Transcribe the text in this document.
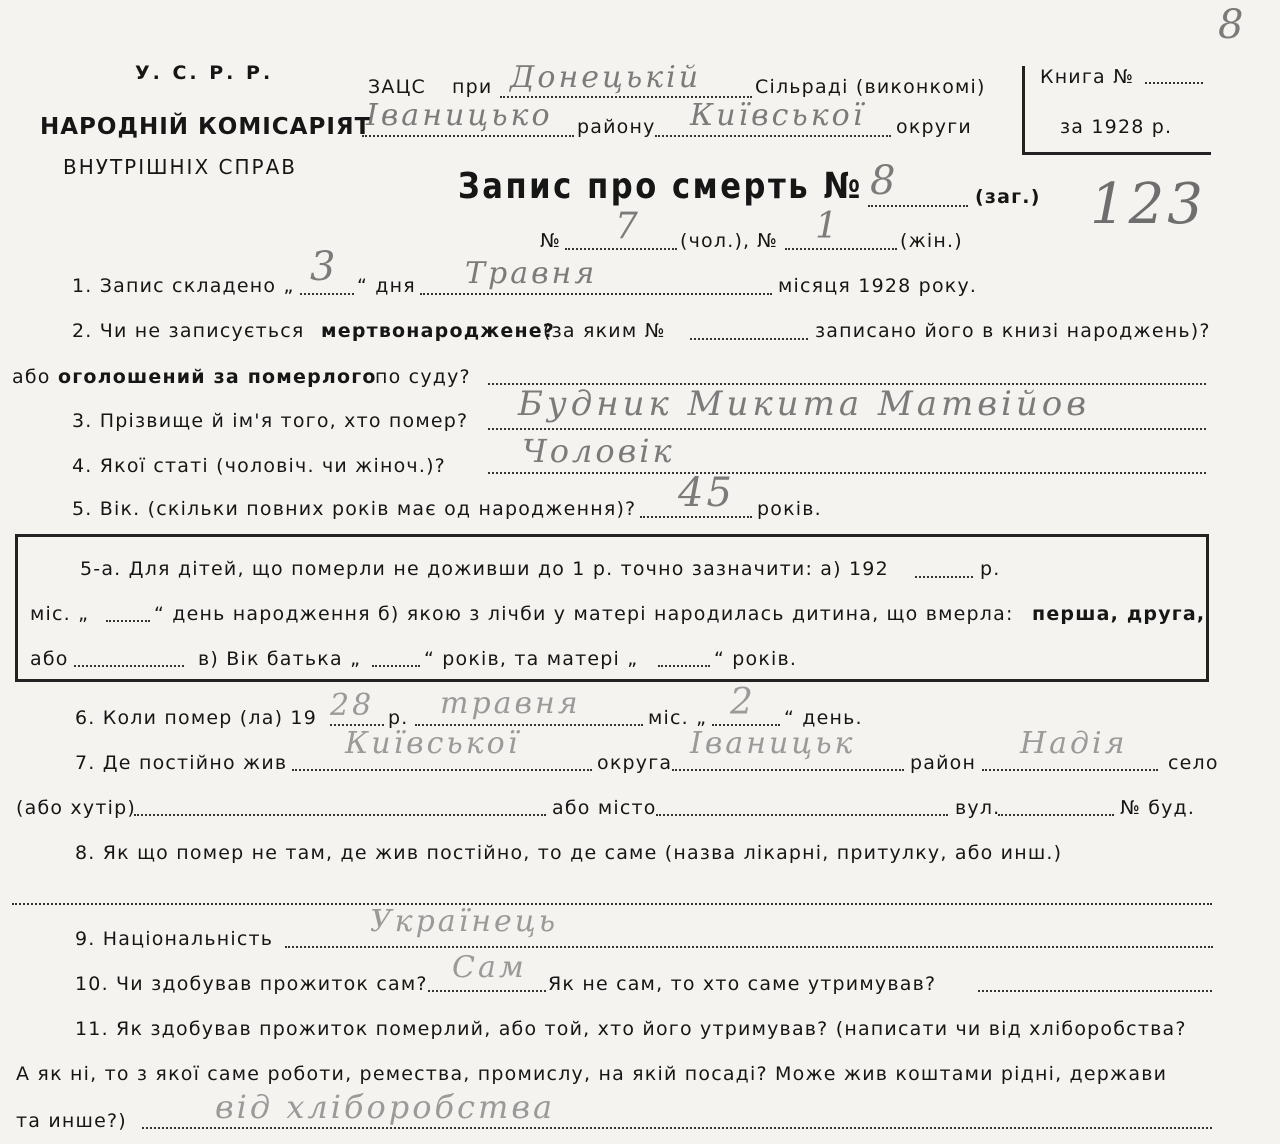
8
У. С. Р. Р.
НАРОДНІЙ КОМІСАРІЯТ
ВНУТРІШНІХ СПРАВ
ЗАЦС при Донецькій	Сільраді (виконкомі)
Іваницько району Київської округи
Книга №
за 1928 р.
Запис про смерть № 8	(заг.) 123
№ 7 (чол.), № 1	(жін.)
1. Запис складено „ 3 “ дня Травня	місяця 1928 року.
2. Чи не записується мертвонароджене?
(за яким №	записано його в книзі народжень)?
або оголошений за померлого
по суду?
3. Прізвище й ім'я того, хто помер? Будник Микита Матвійов
4. Якої статі (чоловіч. чи жіноч.)? Чоловік
5. Вік. (скільки повних років має од народження)? 45 років.
5-а. Для дітей, що померли не доживши до 1 р. точно зазначити: а) 192	р.
міс. „	“ день народження б) якою з лічби у матері народилась дитина, що вмерла: перша, друга,
або	в) Вік батька „	“ років, та матері „	“ років.
6. Коли помер (ла) 19 28 р. травня	міс. „ 2 “ день.
7. Де постійно жив
Київської
округа
Іваницьк
район
Надія
село
(або хутір)	або місто	вул.	№ буд.
8. Як що помер не там, де жив постійно, то де саме (назва лікарні, притулку, або инш.)
9. Національність	Українець
10. Чи здобував прожиток сам? Сам Як не сам, то хто саме утримував?
11. Як здобував прожиток померлий, або той, хто його утримував? (написати чи від хліборобства?
А як ні, то з якої саме роботи, ремества, промислу, на якій посаді? Може жив коштами рідні, держави
та инше?)	від хліборобства
